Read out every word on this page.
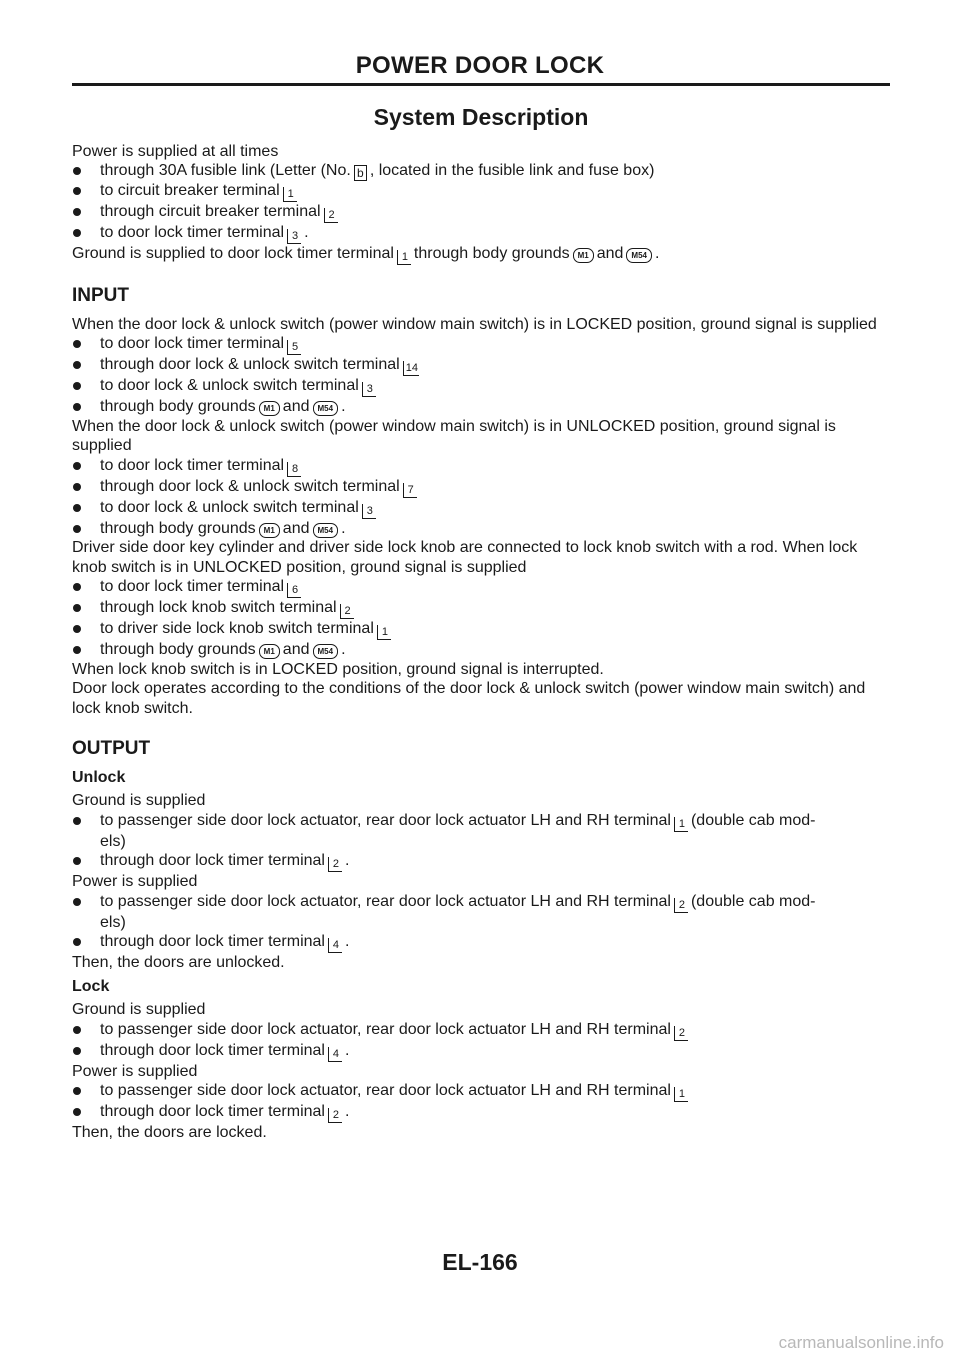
POWER DOOR LOCK
System Description

Power is supplied at all times

through 30A fusible link (Letter (No. b , located in the fusible link and fuse box)
to circuit breaker terminal 1
through circuit breaker terminal 2
to door lock timer terminal 3 .

Ground is supplied to door lock timer terminal 1 through body grounds M1 and M54 .

INPUT

When the door lock & unlock switch (power window main switch) is in LOCKED position, ground signal is supplied

to door lock timer terminal 5
through door lock & unlock switch terminal 14
to door lock & unlock switch terminal 3
through body grounds M1 and M54 .

When the door lock & unlock switch (power window main switch) is in UNLOCKED position, ground signal is supplied

to door lock timer terminal 8
through door lock & unlock switch terminal 7
to door lock & unlock switch terminal 3
through body grounds M1 and M54 .

Driver side door key cylinder and driver side lock knob are connected to lock knob switch with a rod. When lock knob switch is in UNLOCKED position, ground signal is supplied

to door lock timer terminal 6
through lock knob switch terminal 2
to driver side lock knob switch terminal 1
through body grounds M1 and M54 .

When lock knob switch is in LOCKED position, ground signal is interrupted.

Door lock operates according to the conditions of the door lock & unlock switch (power window main switch) and lock knob switch.

OUTPUT
Unlock

Ground is supplied

to passenger side door lock actuator, rear door lock actuator LH and RH terminal 1 (double cab mod-
els)
through door lock timer terminal 2 .

Power is supplied

to passenger side door lock actuator, rear door lock actuator LH and RH terminal 2 (double cab mod-
els)
through door lock timer terminal 4 .

Then, the doors are unlocked.

Lock

Ground is supplied

to passenger side door lock actuator, rear door lock actuator LH and RH terminal 2
through door lock timer terminal 4 .

Power is supplied

to passenger side door lock actuator, rear door lock actuator LH and RH terminal 1
through door lock timer terminal 2 .

Then, the doors are locked.

EL-166
carmanualsonline.info
